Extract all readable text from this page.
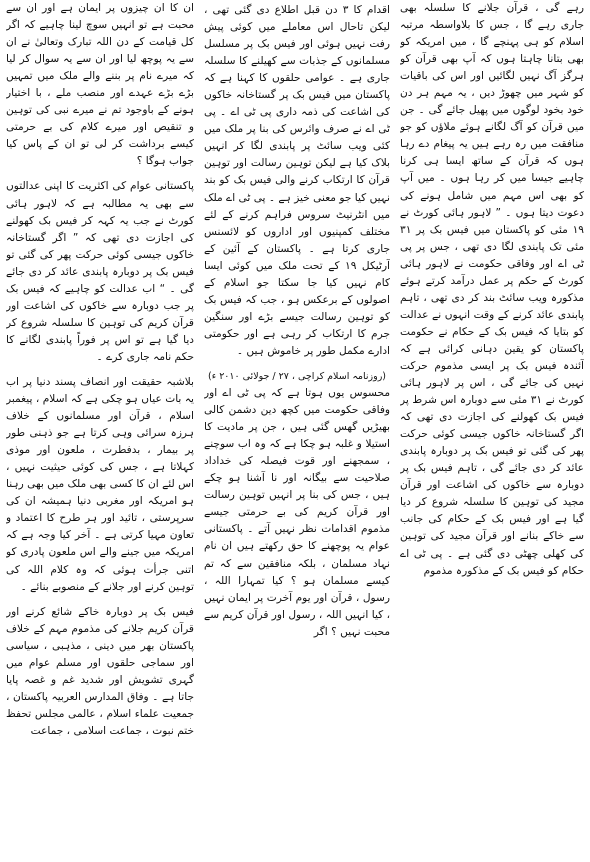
رہے گی ، قرآن جلانے کا سلسلہ بھی جاری رہے گا ، جس کا بلاواسطہ مرتبہ اسلام کو ہی پہنچے گا ، میں امریکہ کو بھی بتانا چاہتا ہوں کہ آپ بھی قرآن کو ہرگز آگ نہیں لگائیں اور اس کی باقیات کو شہر میں چھوڑ دیں ، یہ مہم ہر دن خود بخود لوگوں میں پھیل جائے گی ۔ جن میں قرآن کو آگ لگانے ہوئے ملاؤں کو جو منافقت میں رہ رہے ہیں یہ پیغام دے رہا ہوں کہ قرآن کے ساتھ ایسا ہی کرنا چاہیے جیسا میں کر رہا ہوں ۔ میں آپ کو بھی اس مہم میں شامل ہونے کی دعوت دیتا ہوں ۔ ” لاہور ہائی کورٹ نے ۱۹ مئی کو پاکستان میں فیس بک پر ۳۱ مئی تک پابندی لگا دی تھی ، جس پر پی ٹی اے اور وفاقی حکومت نے لاہور ہائی کورٹ کے حکم پر عمل درآمد کرتے ہوئے مذکورہ ویب سائٹ بند کر دی تھی ، تاہم پابندی عائد کرنے کے وقت انہوں نے عدالت کو بتایا کہ فیس بک کے حکام نے حکومت پاکستان کو یقین دہانی کرائی ہے کہ آئندہ فیس بک پر ایسی مذموم حرکت نہیں کی جائے گی ، اس پر لاہور ہائی کورٹ نے ۳۱ مئی سے دوبارہ اس شرط پر فیس بک کھولنے کی اجازت دی تھی کہ اگر گستاخانہ خاکوں جیسی کوئی حرکت پھر کی گئی تو فیس بک پر دوبارہ پابندی عائد کر دی جائے گی ، تاہم فیس بک پر دوبارہ سے خاکوں کی اشاعت اور قرآن مجید کی توہین کا سلسلہ شروع کر دیا گیا ہے اور فیس بک کے حکام کی جانب سے خاکے بنانے اور قرآن مجید کی توہین کی کھلی چھٹی دی گئی ہے ۔ پی ٹی اے حکام کو فیس بک کے مذکورہ مذموم

اقدام کا ۳ دن قبل اطلاع دی گئی تھی ، لیکن تاحال اس معاملے میں کوئی پیش رفت نہیں ہوئی اور فیس بک پر مسلسل مسلمانوں کے جذبات سے کھیلنے کا سلسلہ جاری ہے ۔ عوامی حلقوں کا کہنا ہے کہ پاکستان میں فیس بک پر گستاخانہ خاکوں کی اشاعت کی ذمہ داری پی ٹی اے ۔ پی ٹی اے نے صرف وائرس کی بنا پر ملک میں کئی ویب سائٹ پر پابندی لگا کر انہیں بلاک کیا ہے لیکن توہین رسالت اور توہین قرآن کا ارتکاب کرنے والی فیس بک کو بند نہیں کیا جو معنی خیز ہے ۔ پی ٹی اے ملک میں انٹرنیٹ سروس فراہم کرنے کے لئے مختلف کمپنیوں اور اداروں کو لائسنس جاری کرتا ہے ۔ پاکستان کے آئین کے آرٹیکل ۱۹ کے تحت ملک میں کوئی ایسا کام نہیں کیا جا سکتا جو اسلام کے اصولوں کے برعکس ہو ، جب کہ فیس بک کو توہین رسالت جیسے بڑے اور سنگین جرم کا ارتکاب کر رہی ہے اور حکومتی ادارے مکمل طور پر خاموش ہیں ۔

(روزنامہ اسلام کراچی ، ۲۷ / جولائی ۲۰۱۰ ء)

محسوس یوں ہوتا ہے کہ پی ٹی اے اور وفاقی حکومت میں کچھ دین دشمن کالی بھیڑیں گھس گئی ہیں ، جن پر مادیت کا استیلا و غلبہ ہو چکا ہے کہ وہ اب سوچنے ، سمجھنے اور قوت فیصلہ کی خداداد صلاحیت سے بیگانہ اور نا آشنا ہو چکے ہیں ، جس کی بنا پر انہیں توہین رسالت اور قرآن کریم کی بے حرمتی جیسے مذموم اقدامات نظر نہیں آتے ۔ پاکستانی عوام یہ پوچھنے کا حق رکھتے ہیں ان نام نہاد مسلمان ، بلکہ منافقین سے کہ تم کیسے مسلمان ہو ؟ کیا تمہارا اللہ ، رسول ، قرآن اور یوم آخرت پر ایمان نہیں ، کیا انہیں اللہ ، رسول اور قرآن کریم سے محبت نہیں ؟ اگر

ان کا ان چیزوں پر ایمان ہے اور ان سے محبت ہے تو انہیں سوچ لینا چاہیے کہ اگر کل قیامت کے دن اللہ تبارک وتعالیٰ نے ان سے یہ پوچھ لیا اور ان سے یہ سوال کر لیا کہ میرے نام پر بننے والے ملک میں تمہیں بڑے بڑے عہدے اور منصب ملے ، با اختیار ہونے کے باوجود تم نے میرے نبی کی توہین و تنقیص اور میرے کلام کی بے حرمتی کیسے برداشت کر لی تو ان کے پاس کیا جواب ہوگا ؟

پاکستانی عوام کی اکثریت کا اپنی عدالتوں سے بھی یہ مطالبہ ہے کہ لاہور ہائی کورٹ نے جب یہ کہہ کر فیس بک کھولنے کی اجازت دی تھی کہ ” اگر گستاخانہ خاکوں جیسی کوئی حرکت پھر کی گئی تو فیس بک پر دوبارہ پابندی عائد کر دی جائے گی ۔ “ اب عدالت کو چاہیے کہ فیس بک پر جب دوبارہ سے خاکوں کی اشاعت اور قرآن کریم کی توہین کا سلسلہ شروع کر دیا گیا ہے تو اس پر فوراً پابندی لگانے کا حکم نامہ جاری کرے ۔

بلاشبہ حقیقت اور انصاف پسند دنیا پر اب یہ بات عیاں ہو چکی ہے کہ اسلام ، پیغمبر اسلام ، قرآن اور مسلمانوں کے خلاف ہرزہ سرائی وہی کرتا ہے جو ذہنی طور پر بیمار ، بدفطرت ، ملعون اور موذی کہلاتا ہے ، جس کی کوئی حیثیت نہیں ، اس لئے ان کا کسی بھی ملک میں بھی رہنا ہو امریکہ اور مغربی دنیا ہمیشہ ان کی سرپرستی ، تائید اور ہر طرح کا اعتماد و تعاون مہیا کرتی ہے ۔ آخر کیا وجہ ہے کہ امریکہ میں جینے والے اس ملعون پادری کو اتنی جرأت ہوئی کہ وہ کلام اللہ کی توہین کرنے اور جلانے کے منصوبے بنائے ۔

فیس بک پر دوبارہ خاکے شائع کرنے اور قرآن کریم جلانے کی مذموم مہم کے خلاف پاکستان بھر میں دینی ، مذہبی ، سیاسی اور سماجی حلقوں اور مسلم عوام میں گہری تشویش اور شدید غم و غصہ پایا جاتا ہے ۔ وفاق المدارس العربیہ پاکستان ، جمعیت علماء اسلام ، عالمی مجلس تحفظ ختم نبوت ، جماعت اسلامی ، جماعت
